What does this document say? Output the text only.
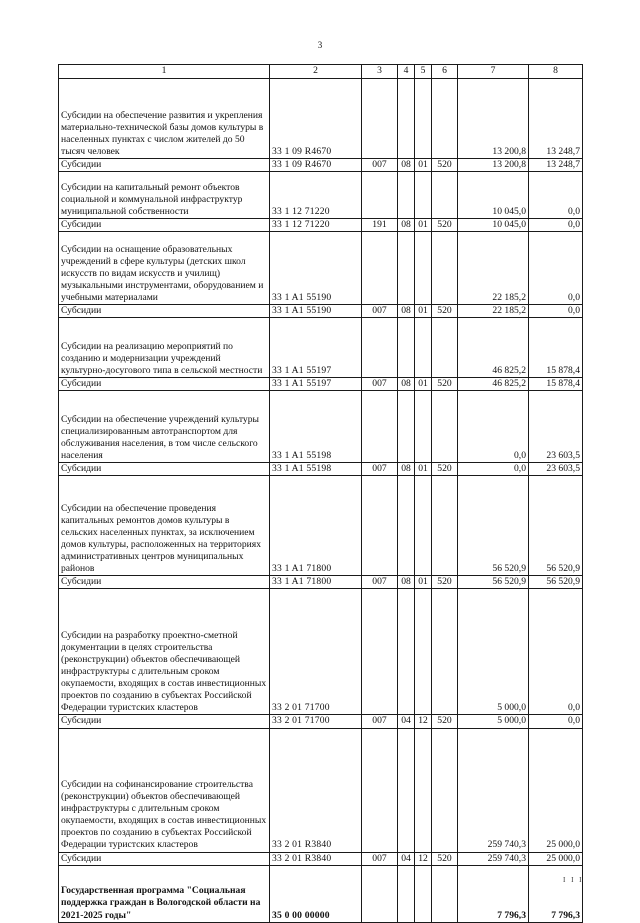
3
1	2	3	4	5	6	7	8
Субсидии на обеспечение развития и укрепления материально-технической базы домов культуры в населенных пунктах с числом жителей до 50 тысяч человек	33 1 09 R4670					13 200,8	13 248,7
Субсидии	33 1 09 R4670	007	08	01	520	13 200,8	13 248,7
Субсидии на капитальный ремонт объектов социальной и коммунальной инфраструктур муниципальной собственности	33 1 12 71220					10 045,0	0,0
Субсидии	33 1 12 71220	191	08	01	520	10 045,0	0,0
Субсидии на оснащение образовательных учреждений в сфере культуры (детских школ искусств по видам искусств и училищ) музыкальными инструментами, оборудованием и учебными материалами	33 1 A1 55190					22 185,2	0,0
Субсидии	33 1 A1 55190	007	08	01	520	22 185,2	0,0
Субсидии на реализацию мероприятий по созданию и модернизации учреждений культурно-досугового типа в сельской местности	33 1 A1 55197					46 825,2	15 878,4
Субсидии	33 1 A1 55197	007	08	01	520	46 825,2	15 878,4
Субсидии на обеспечение учреждений культуры специализированным автотранспортом для обслуживания населения, в том числе сельского населения	33 1 A1 55198					0,0	23 603,5
Субсидии	33 1 A1 55198	007	08	01	520	0,0	23 603,5
Субсидии на обеспечение проведения капитальных ремонтов домов культуры в сельских населенных пунктах, за исключением домов культуры, расположенных на территориях административных центров муниципальных районов	33 1 A1 71800					56 520,9	56 520,9
Субсидии	33 1 A1 71800	007	08	01	520	56 520,9	56 520,9
Субсидии на разработку проектно-сметной документации в целях строительства (реконструкции) объектов обеспечивающей инфраструктуры с длительным сроком окупаемости, входящих в состав инвестиционных проектов по созданию в субъектах Российской Федерации туристских кластеров	33 2 01 71700					5 000,0	0,0
Субсидии	33 2 01 71700	007	04	12	520	5 000,0	0,0
Субсидии на софинансирование строительства (реконструкции) объектов обеспечивающей инфраструктуры с длительным сроком окупаемости, входящих в состав инвестиционных проектов по созданию в субъектах Российской Федерации туристских кластеров	33 2 01 R3840					259 740,3	25 000,0
Субсидии	33 2 01 R3840	007	04	12	520	259 740,3	25 000,0
Государственная программа "Социальная поддержка граждан в Вологодской области на 2021-2025 годы"	35 0 00 00000					7 796,3	7 796,3
I I I
